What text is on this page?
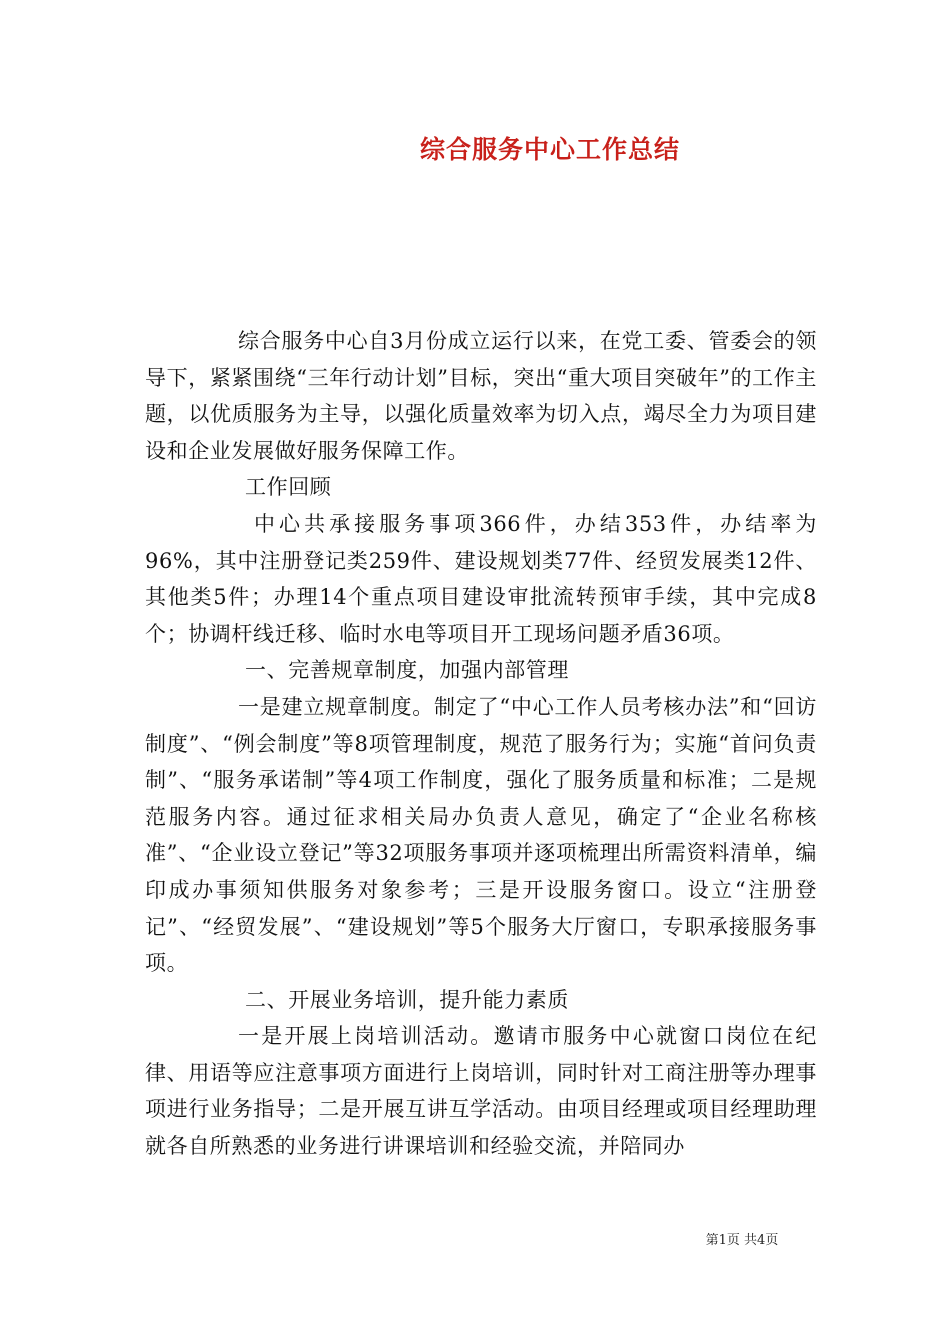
综合服务中心工作总结

综合服务中心自3月份成立运行以来，在党工委、管委会的领导下，紧紧围绕“三年行动计划”目标，突出“重大项目突破年”的工作主题，以优质服务为主导，以强化质量效率为切入点，竭尽全力为项目建设和企业发展做好服务保障工作。

工作回顾

中心共承接服务事项366件，办结353件，办结率为96%，其中注册登记类259件、建设规划类77件、经贸发展类12件、其他类5件；办理14个重点项目建设审批流转预审手续，其中完成8个；协调杆线迁移、临时水电等项目开工现场问题矛盾36项。

一、完善规章制度，加强内部管理

一是建立规章制度。制定了“中心工作人员考核办法”和“回访制度”、“例会制度”等8项管理制度，规范了服务行为；实施“首问负责制”、“服务承诺制”等4项工作制度，强化了服务质量和标准；二是规范服务内容。通过征求相关局办负责人意见，确定了“企业名称核准”、“企业设立登记”等32项服务事项并逐项梳理出所需资料清单，编印成办事须知供服务对象参考；三是开设服务窗口。设立“注册登记”、“经贸发展”、“建设规划”等5个服务大厅窗口，专职承接服务事项。

二、开展业务培训，提升能力素质

一是开展上岗培训活动。邀请市服务中心就窗口岗位在纪律、用语等应注意事项方面进行上岗培训，同时针对工商注册等办理事项进行业务指导；二是开展互讲互学活动。由项目经理或项目经理助理就各自所熟悉的业务进行讲课培训和经验交流，并陪同办

第1页 共4页
